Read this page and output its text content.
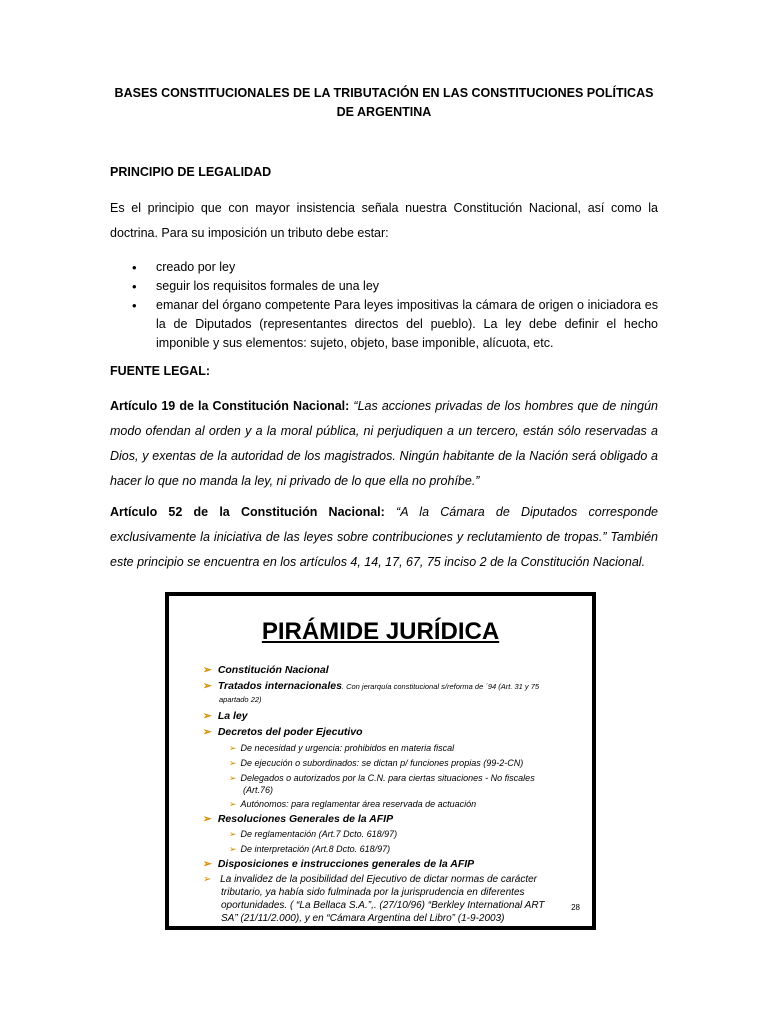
BASES CONSTITUCIONALES DE LA TRIBUTACIÓN EN LAS CONSTITUCIONES POLÍTICAS DE ARGENTINA
PRINCIPIO DE LEGALIDAD
Es el principio que con mayor insistencia señala nuestra Constitución Nacional, así como la doctrina. Para su imposición un tributo debe estar:
• creado por ley
• seguir los requisitos formales de una ley
• emanar del órgano competente Para leyes impositivas la cámara de origen o iniciadora es la de Diputados (representantes directos del pueblo). La ley debe definir el hecho imponible y sus elementos: sujeto, objeto, base imponible, alícuota, etc.
FUENTE LEGAL:
Artículo 19 de la Constitución Nacional: “Las acciones privadas de los hombres que de ningún modo ofendan al orden y a la moral pública, ni perjudiquen a un tercero, están sólo reservadas a Dios, y exentas de la autoridad de los magistrados. Ningún habitante de la Nación será obligado a hacer lo que no manda la ley, ni privado de lo que ella no prohíbe.”
Artículo 52 de la Constitución Nacional: “A la Cámara de Diputados corresponde exclusivamente la iniciativa de las leyes sobre contribuciones y reclutamiento de tropas.” También este principio se encuentra en los artículos 4, 14, 17, 67, 75 inciso 2 de la Constitución Nacional.
PIRÁMIDE JURÍDICA
➢ Constitución Nacional
➢ Tratados internacionales. Con jerarquía constitucional s/reforma de ´94 (Art. 31 y 75
apartado 22)
➢ La ley
➢ Decretos del poder Ejecutivo
➢ De necesidad y urgencia: prohibidos en materia fiscal
➢ De ejecución o subordinados: se dictan p/ funciones propias (99-2-CN)
➢ Delegados o autorizados por la C.N. para ciertas situaciones - No fiscales
(Art.76)
➢ Autónomos: para reglamentar área reservada de actuación
➢ Resoluciones Generales de la AFIP
➢ De reglamentación (Art.7 Dcto. 618/97)
➢ De interpretación (Art.8 Dcto. 618/97)
➢ Disposiciones e instrucciones generales de la AFIP
➢ La invalidez de la posibilidad del Ejecutivo de dictar normas de carácter
tributario, ya había sido fulminada por la jurisprudencia en diferentes
oportunidades. ( “La Bellaca S.A.”,. (27/10/96) “Berkley International ART
SA” (21/11/2.000), y en “Cámara Argentina del Libro” (1-9-2003)
28
